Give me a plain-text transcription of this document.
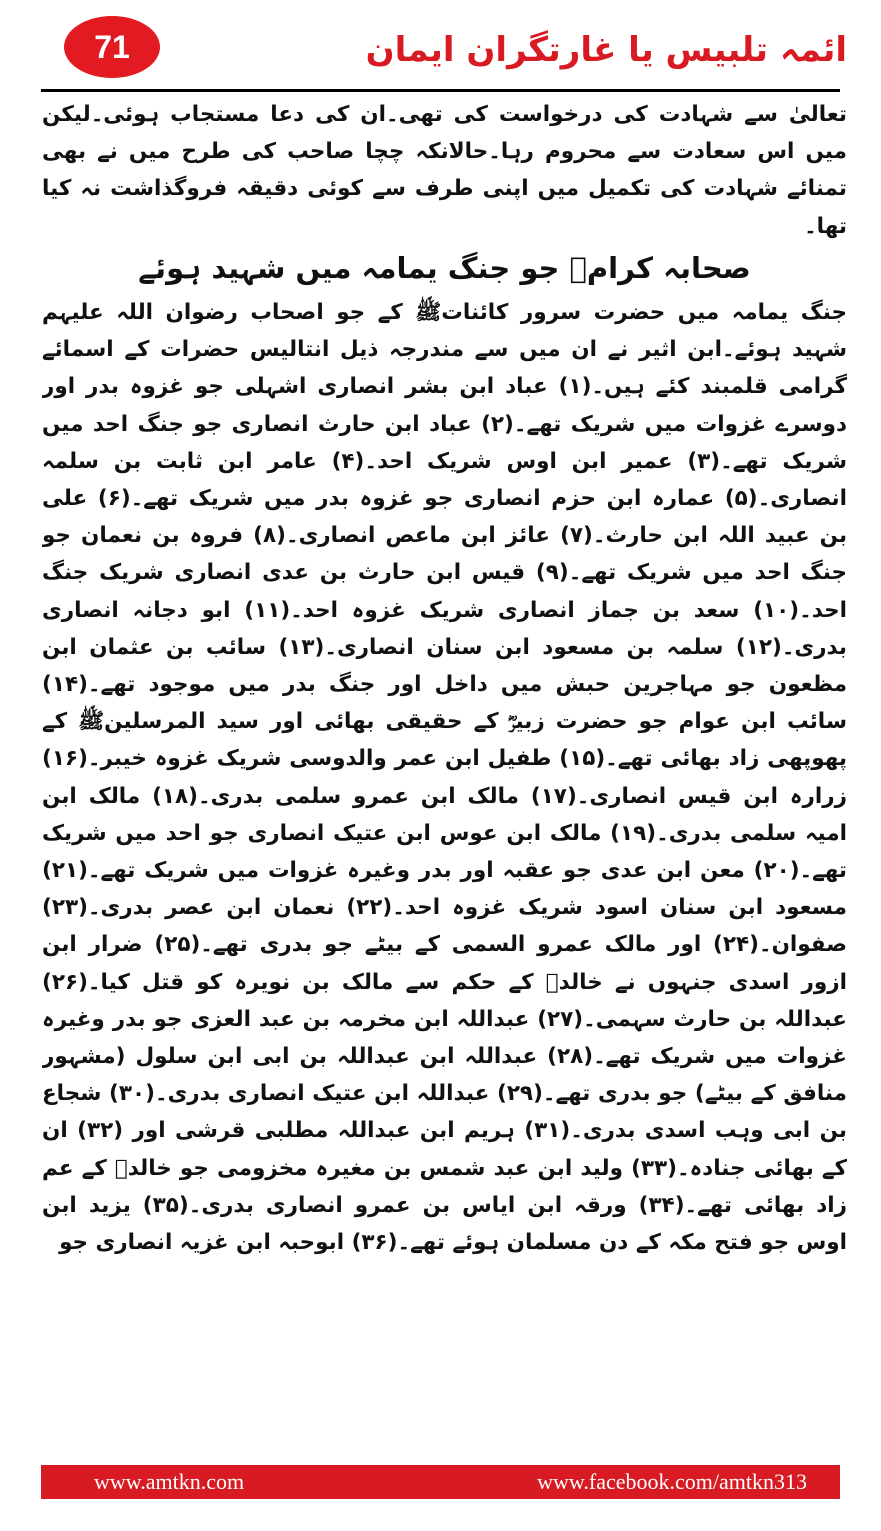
71	ائمہ تلبیس یا غارتگران ایمان

تعالیٰ سے شہادت کی درخواست کی تھی۔ان کی دعا مستجاب ہوئی۔لیکن میں اس سعادت سے محروم رہا۔حالانکہ چچا صاحب کی طرح میں نے بھی تمنائے شہادت کی تکمیل میں اپنی طرف سے کوئی دقیقہ فروگذاشت نہ کیا تھا۔

صحابہ کرامؓ جو جنگ یمامہ میں شہید ہوئے

جنگ یمامہ میں حضرت سرور کائناتﷺ کے جو اصحاب رضوان اللہ علیہم شہید ہوئے۔ابن اثیر نے ان میں سے مندرجہ ذیل انتالیس حضرات کے اسمائے گرامی قلمبند کئے ہیں۔(۱) عباد ابن بشر انصاری اشہلی جو غزوہ بدر اور دوسرے غزوات میں شریک تھے۔(۲) عباد ابن حارث انصاری جو جنگ احد میں شریک تھے۔(۳) عمیر ابن اوس شریک احد۔(۴) عامر ابن ثابت بن سلمہ انصاری۔(۵) عمارہ ابن حزم انصاری جو غزوہ بدر میں شریک تھے۔(۶) علی بن عبید اللہ ابن حارث۔(۷) عائز ابن ماعص انصاری۔(۸) فروہ بن نعمان جو جنگ احد میں شریک تھے۔(۹) قیس ابن حارث بن عدی انصاری شریک جنگ احد۔(۱۰) سعد بن جماز انصاری شریک غزوہ احد۔(۱۱) ابو دجانہ انصاری بدری۔(۱۲) سلمہ بن مسعود ابن سنان انصاری۔(۱۳) سائب بن عثمان ابن مظعون جو مہاجرین حبش میں داخل اور جنگ بدر میں موجود تھے۔(۱۴) سائب ابن عوام جو حضرت زبیرؓ کے حقیقی بھائی اور سید المرسلینﷺ کے پھوپھی زاد بھائی تھے۔(۱۵) طفیل ابن عمر والدوسی شریک غزوہ خیبر۔(۱۶) زرارہ ابن قیس انصاری۔(۱۷) مالک ابن عمرو سلمی بدری۔(۱۸) مالک ابن امیہ سلمی بدری۔(۱۹) مالک ابن عوس ابن عتیک انصاری جو احد میں شریک تھے۔(۲۰) معن ابن عدی جو عقبہ اور بدر وغیرہ غزوات میں شریک تھے۔(۲۱) مسعود ابن سنان اسود شریک غزوہ احد۔(۲۲) نعمان ابن عصر بدری۔(۲۳) صفوان۔(۲۴) اور مالک عمرو السمی کے بیٹے جو بدری تھے۔(۲۵) ضرار ابن ازور اسدی جنہوں نے خالدؓ کے حکم سے مالک بن نویرہ کو قتل کیا۔(۲۶) عبداللہ بن حارث سہمی۔(۲۷) عبداللہ ابن مخرمہ بن عبد العزی جو بدر وغیرہ غزوات میں شریک تھے۔(۲۸) عبداللہ ابن عبداللہ بن ابی ابن سلول (مشہور منافق کے بیٹے) جو بدری تھے۔(۲۹) عبداللہ ابن عتیک انصاری بدری۔(۳۰) شجاع بن ابی وہب اسدی بدری۔(۳۱) ہریم ابن عبداللہ مطلبی قرشی اور (۳۲) ان کے بھائی جنادہ۔(۳۳) ولید ابن عبد شمس بن مغیرہ مخزومی جو خالدؓ کے عم زاد بھائی تھے۔(۳۴) ورقہ ابن ایاس بن عمرو انصاری بدری۔(۳۵) یزید ابن اوس جو فتح مکہ کے دن مسلمان ہوئے تھے۔(۳۶) ابوحبہ ابن غزیہ انصاری جو

www.amtkn.com	www.facebook.com/amtkn313
